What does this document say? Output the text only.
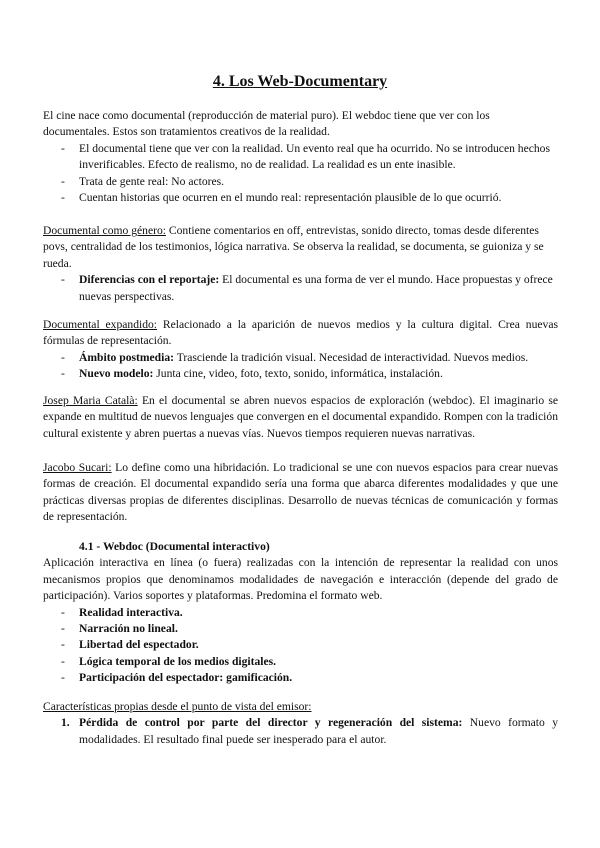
4. Los Web-Documentary

El cine nace como documental (reproducción de material puro). El webdoc tiene que ver con los documentales. Estos son tratamientos creativos de la realidad.

- El documental tiene que ver con la realidad. Un evento real que ha ocurrido. No se introducen hechos inverificables. Efecto de realismo, no de realidad. La realidad es un ente inasible.
- Trata de gente real: No actores.
- Cuentan historias que ocurren en el mundo real: representación plausible de lo que ocurrió.

Documental como género: Contiene comentarios en off, entrevistas, sonido directo, tomas desde diferentes povs, centralidad de los testimonios, lógica narrativa. Se observa la realidad, se documenta, se guioniza y se rueda.

- Diferencias con el reportaje: El documental es una forma de ver el mundo. Hace propuestas y ofrece nuevas perspectivas.

Documental expandido: Relacionado a la aparición de nuevos medios y la cultura digital. Crea nuevas fórmulas de representación.

- Ámbito postmedia: Trasciende la tradición visual. Necesidad de interactividad. Nuevos medios.
- Nuevo modelo: Junta cine, video, foto, texto, sonido, informática, instalación.

Josep Maria Català: En el documental se abren nuevos espacios de exploración (webdoc). El imaginario se expande en multitud de nuevos lenguajes que convergen en el documental expandido. Rompen con la tradición cultural existente y abren puertas a nuevas vías. Nuevos tiempos requieren nuevas narrativas.

Jacobo Sucari: Lo define como una hibridación. Lo tradicional se une con nuevos espacios para crear nuevas formas de creación. El documental expandido sería una forma que abarca diferentes modalidades y que une prácticas diversas propias de diferentes disciplinas. Desarrollo de nuevas técnicas de comunicación y formas de representación.

4.1 - Webdoc (Documental interactivo)

Aplicación interactiva en línea (o fuera) realizadas con la intención de representar la realidad con unos mecanismos propios que denominamos modalidades de navegación e interacción (depende del grado de participación). Varios soportes y plataformas. Predomina el formato web.

- Realidad interactiva.
- Narración no lineal.
- Libertad del espectador.
- Lógica temporal de los medios digitales.
- Participación del espectador: gamificación.

Características propias desde el punto de vista del emisor:

1. Pérdida de control por parte del director y regeneración del sistema: Nuevo formato y modalidades. El resultado final puede ser inesperado para el autor.
